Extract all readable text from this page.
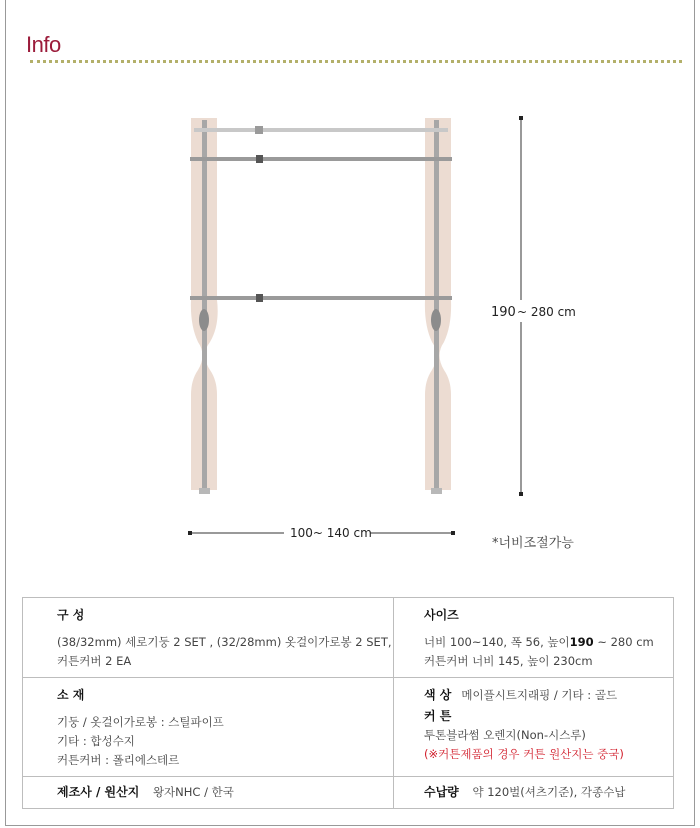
Info
190 ~ 280 cm
100~ 140 cm
*너비조절가능
구 성
(38/32mm) 세로기둥 2 SET , (32/28mm) 옷걸이가로봉 2 SET,
커튼커버 2 EA	사이즈
너비 100~140, 폭 56, 높이190 ~ 280 cm
커튼커버 너비 145, 높이 230cm

소 재
기둥 / 옷걸이가로봉 : 스틸파이프
기타 : 합성수지
커튼커버 : 폴리에스테르	색 상 메이플시트지래핑 / 기타 : 골드
커 튼
투톤블라썸 오렌지(Non-시스루)
(※커튼제품의 경우 커튼 원산지는 중국)

제조사 / 원산지 왕자NHC / 한국	수납량 약 120벌(셔츠기준), 각종수납
